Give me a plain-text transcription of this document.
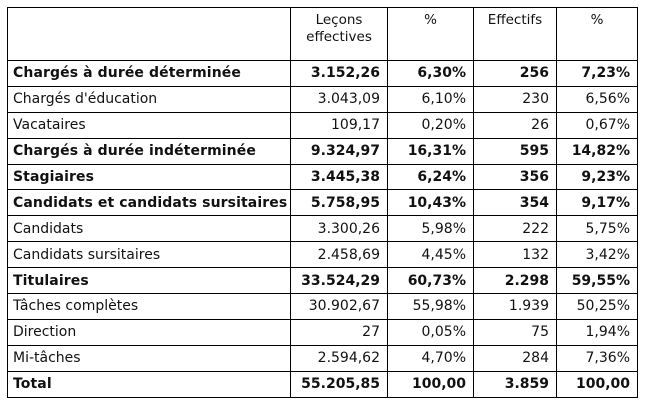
	Leçons effectives	%	Effectifs	%
Chargés à durée déterminée	3.152,26	6,30%	256	7,23%
Chargés d'éducation	3.043,09	6,10%	230	6,56%
Vacataires	109,17	0,20%	26	0,67%
Chargés à durée indéterminée	9.324,97	16,31%	595	14,82%
Stagiaires	3.445,38	6,24%	356	9,23%
Candidats et candidats sursitaires	5.758,95	10,43%	354	9,17%
Candidats	3.300,26	5,98%	222	5,75%
Candidats sursitaires	2.458,69	4,45%	132	3,42%
Titulaires	33.524,29	60,73%	2.298	59,55%
Tâches complètes	30.902,67	55,98%	1.939	50,25%
Direction	27	0,05%	75	1,94%
Mi-tâches	2.594,62	4,70%	284	7,36%
Total	55.205,85	100,00	3.859	100,00
